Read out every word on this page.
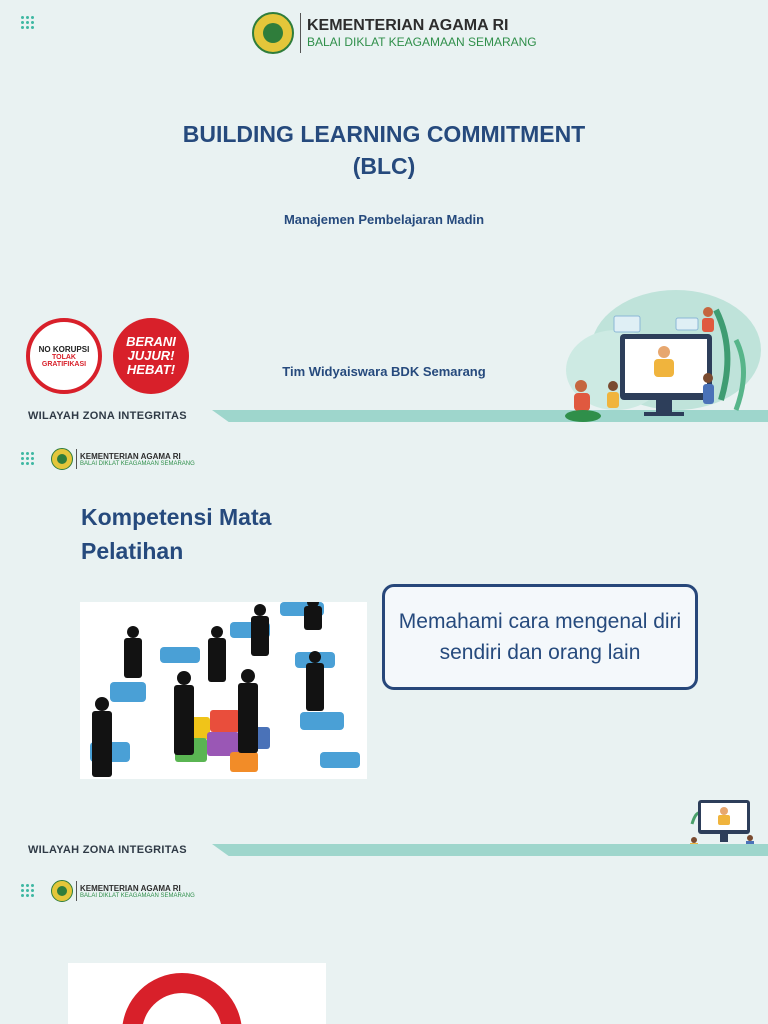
KEMENTERIAN AGAMA RI
BALAI DIKLAT KEAGAMAAN SEMARANG
BUILDING LEARNING COMMITMENT
(BLC)
Manajemen Pembelajaran Madin
NO KORUPSI
TOLAK GRATIFIKASI
BERANI JUJUR! HEBAT!	Tim Widyaiswara BDK Semarang
WILAYAH ZONA INTEGRITAS
KEMENTERIAN AGAMA RI
BALAI DIKLAT KEAGAMAAN SEMARANG
Kompetensi Mata
Pelatihan
Memahami cara mengenal diri sendiri dan orang lain
WILAYAH ZONA INTEGRITAS
KEMENTERIAN AGAMA RI
BALAI DIKLAT KEAGAMAAN SEMARANG
